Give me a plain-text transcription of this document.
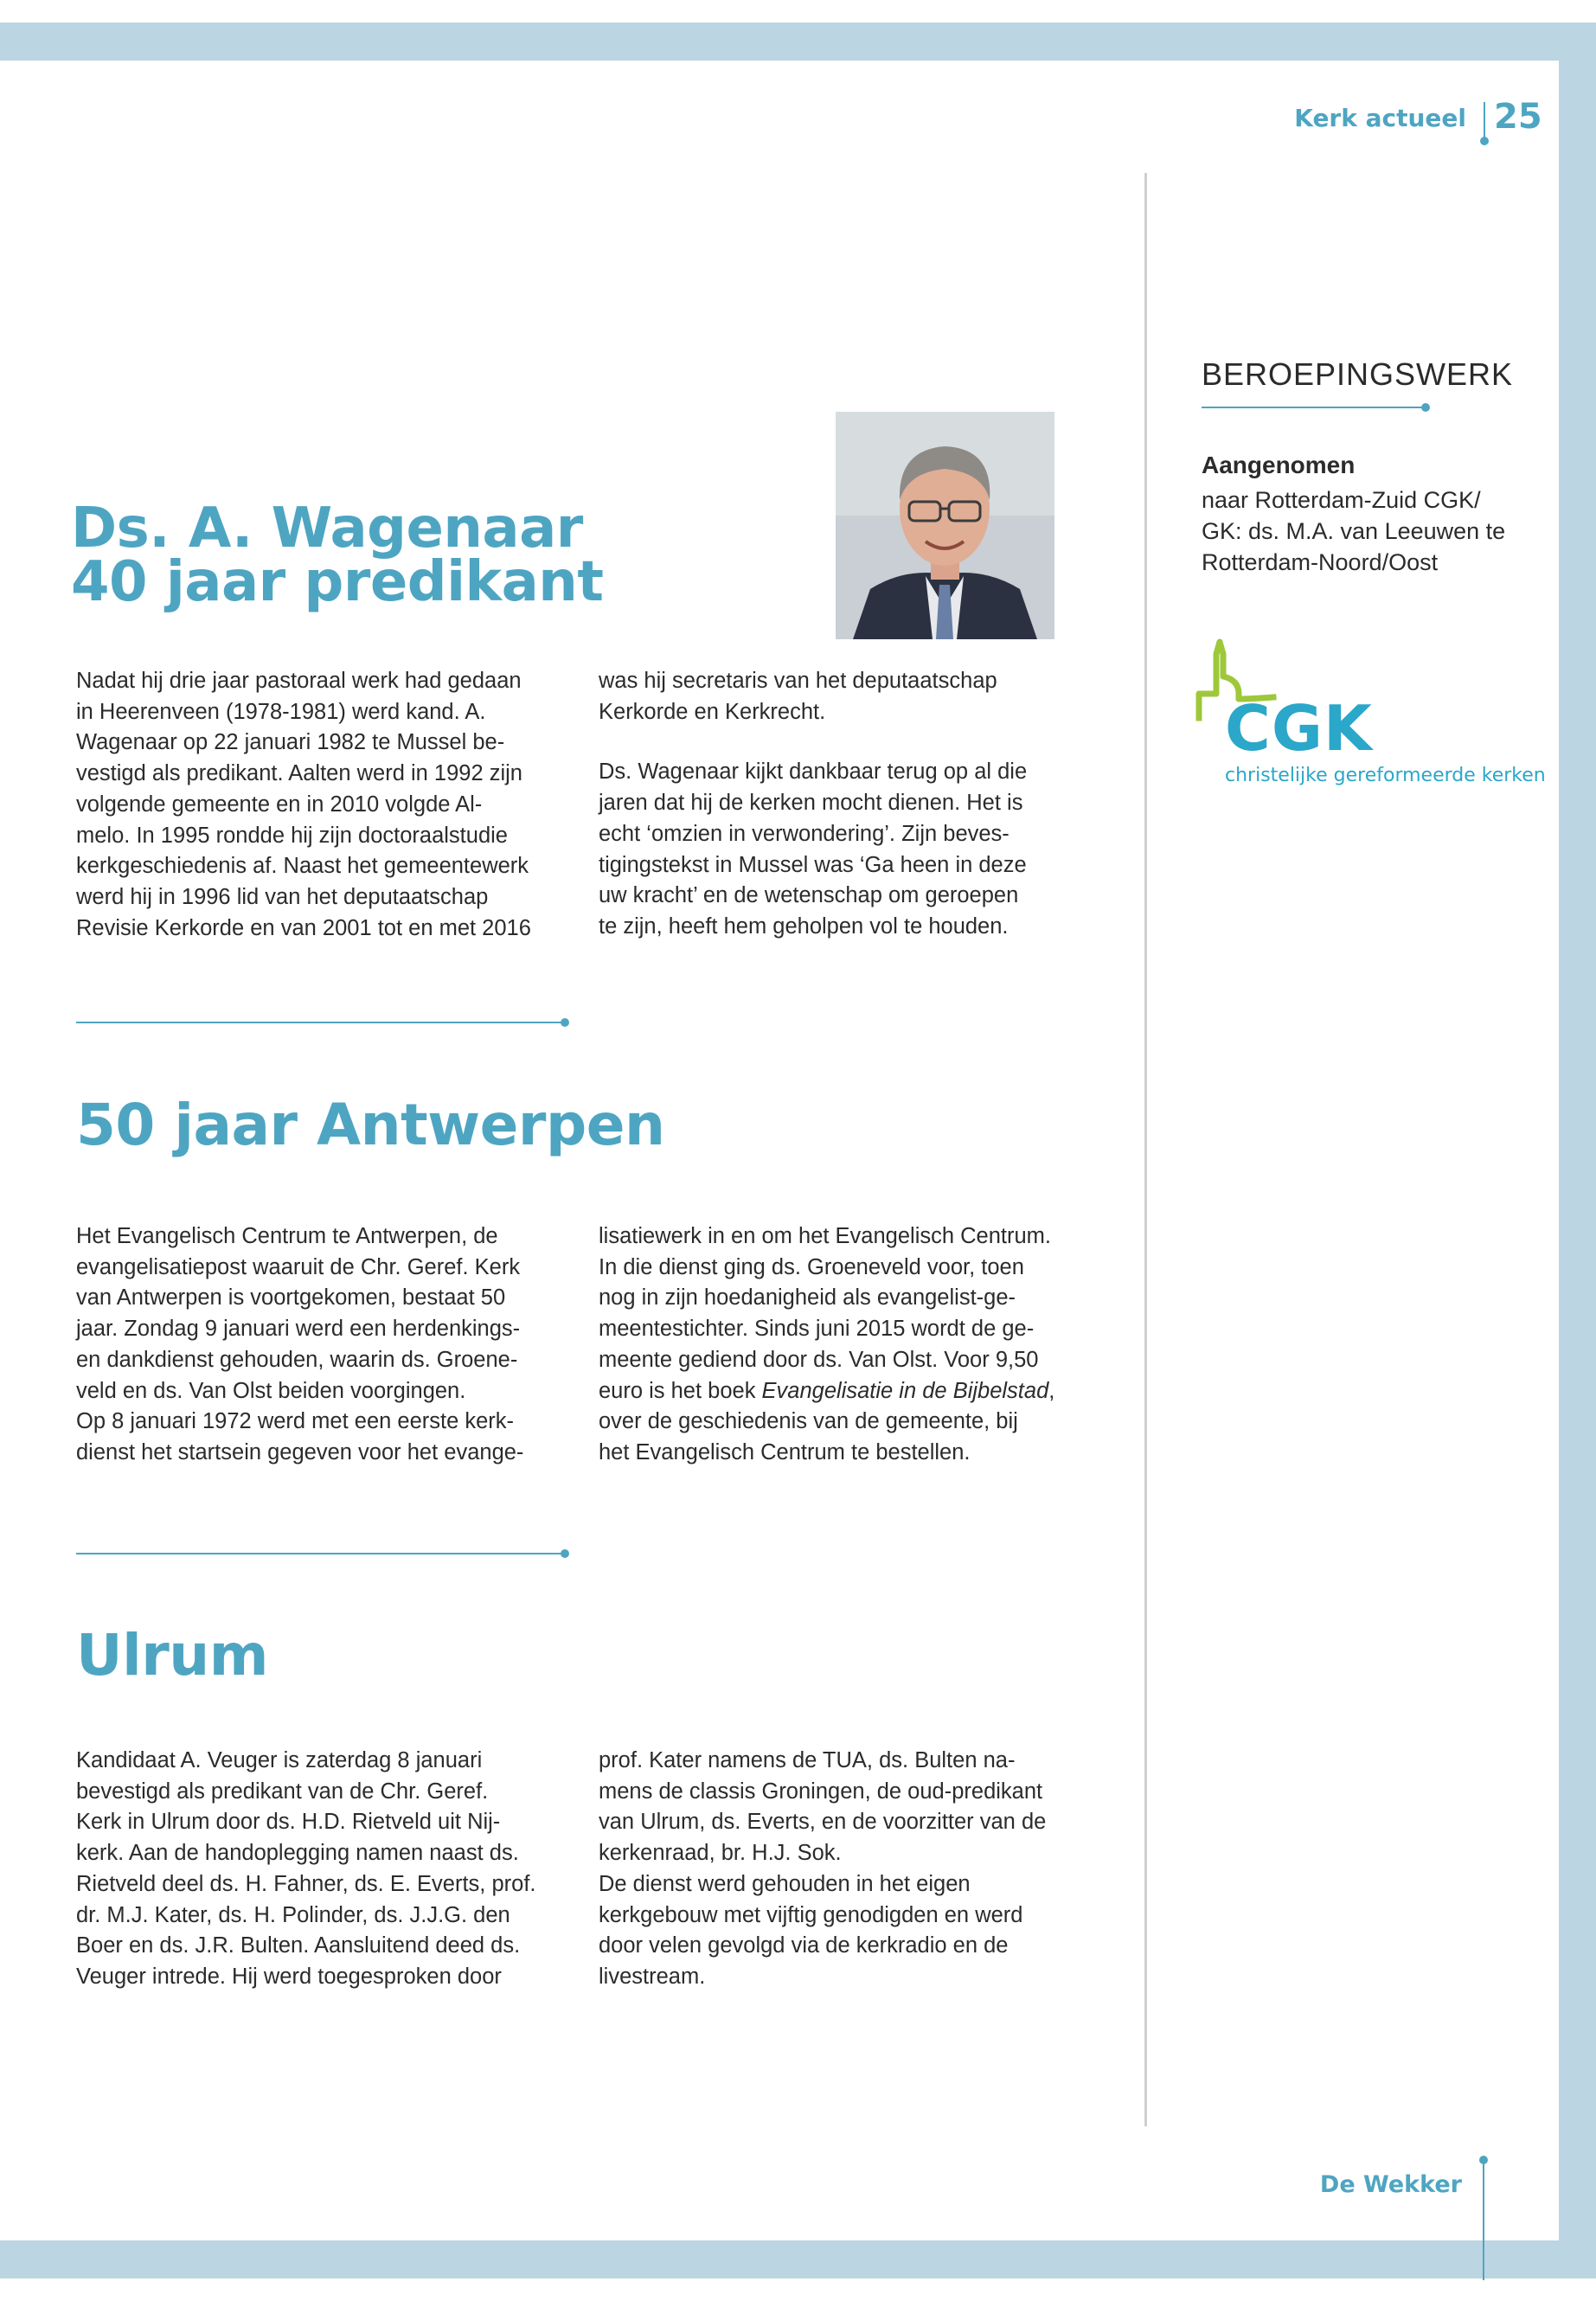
Kerk actueel 25
Ds. A. Wagenaar
40 jaar predikant
Nadat hij drie jaar pastoraal werk had gedaan
in Heerenveen (1978-1981) werd kand. A.
Wagenaar op 22 januari 1982 te Mussel be-
vestigd als predikant. Aalten werd in 1992 zijn
volgende gemeente en in 2010 volgde Al-
melo. In 1995 rondde hij zijn doctoraalstudie
kerkgeschiedenis af. Naast het gemeentewerk
werd hij in 1996 lid van het deputaatschap
Revisie Kerkorde en van 2001 tot en met 2016
was hij secretaris van het deputaatschap
Kerkorde en Kerkrecht.
Ds. Wagenaar kijkt dankbaar terug op al die
jaren dat hij de kerken mocht dienen. Het is
echt ‘omzien in verwondering’. Zijn beves-
tigingstekst in Mussel was ‘Ga heen in deze
uw kracht’ en de wetenschap om geroepen
te zijn, heeft hem geholpen vol te houden.
50 jaar Antwerpen
Het Evangelisch Centrum te Antwerpen, de
evangelisatiepost waaruit de Chr. Geref. Kerk
van Antwerpen is voortgekomen, bestaat 50
jaar. Zondag 9 januari werd een herdenkings-
en dankdienst gehouden, waarin ds. Groene-
veld en ds. Van Olst beiden voorgingen.
Op 8 januari 1972 werd met een eerste kerk-
dienst het startsein gegeven voor het evange-
lisatiewerk in en om het Evangelisch Centrum.
In die dienst ging ds. Groeneveld voor, toen
nog in zijn hoedanigheid als evangelist-ge-
meentestichter. Sinds juni 2015 wordt de ge-
meente gediend door ds. Van Olst. Voor 9,50
euro is het boek Evangelisatie in de Bijbelstad,
over de geschiedenis van de gemeente, bij
het Evangelisch Centrum te bestellen.
Ulrum
Kandidaat A. Veuger is zaterdag 8 januari
bevestigd als predikant van de Chr. Geref.
Kerk in Ulrum door ds. H.D. Rietveld uit Nij-
kerk. Aan de handoplegging namen naast ds.
Rietveld deel ds. H. Fahner, ds. E. Everts, prof.
dr. M.J. Kater, ds. H. Polinder, ds. J.J.G. den
Boer en ds. J.R. Bulten. Aansluitend deed ds.
Veuger intrede. Hij werd toegesproken door
prof. Kater namens de TUA, ds. Bulten na-
mens de classis Groningen, de oud-predikant
van Ulrum, ds. Everts, en de voorzitter van de
kerkenraad, br. H.J. Sok.
De dienst werd gehouden in het eigen
kerkgebouw met vijftig genodigden en werd
door velen gevolgd via de kerkradio en de
livestream.
BEROEPINGSWERK
Aangenomen
naar Rotterdam-Zuid CGK/
GK: ds. M.A. van Leeuwen te
Rotterdam-Noord/Oost
CGK
christelijke gereformeerde kerken
De Wekker
